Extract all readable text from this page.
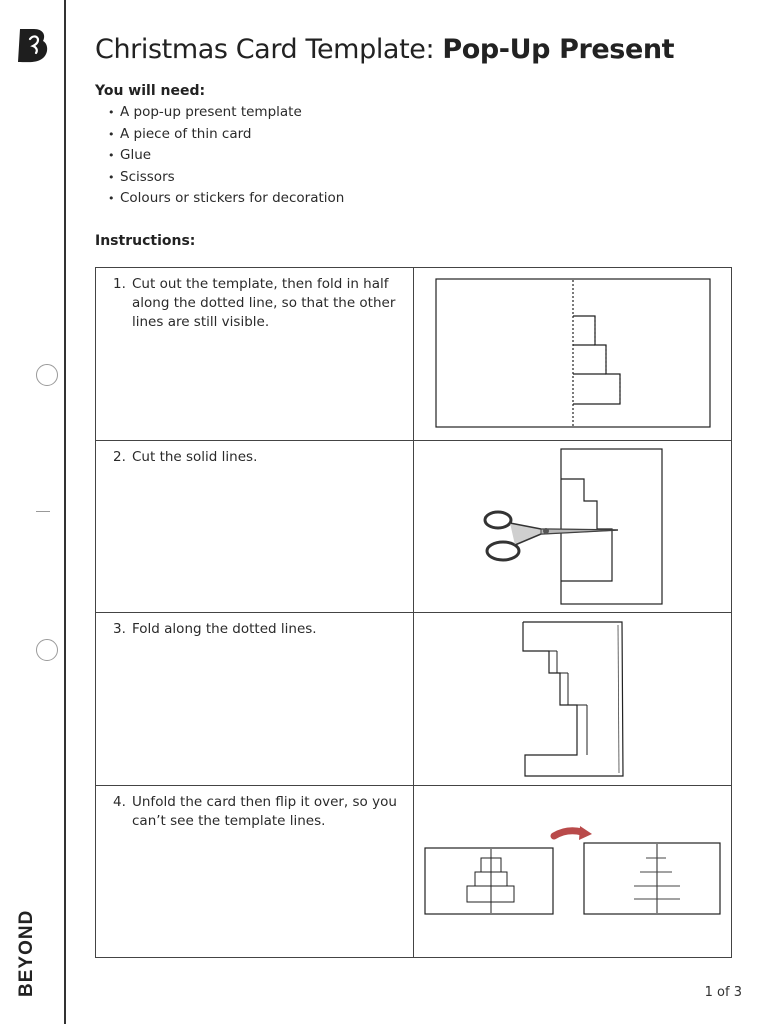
BEYOND
Christmas Card Template: Pop-Up Present
You will need:
• A pop-up present template
• A piece of thin card
• Glue
• Scissors
• Colours or stickers for decoration
Instructions:
1. Cut out the template, then fold in half along the dotted line, so that the other lines are still visible.

2. Cut the solid lines.

3. Fold along the dotted lines.

4. Unfold the card then flip it over, so you can’t see the template lines.

1 of 3
